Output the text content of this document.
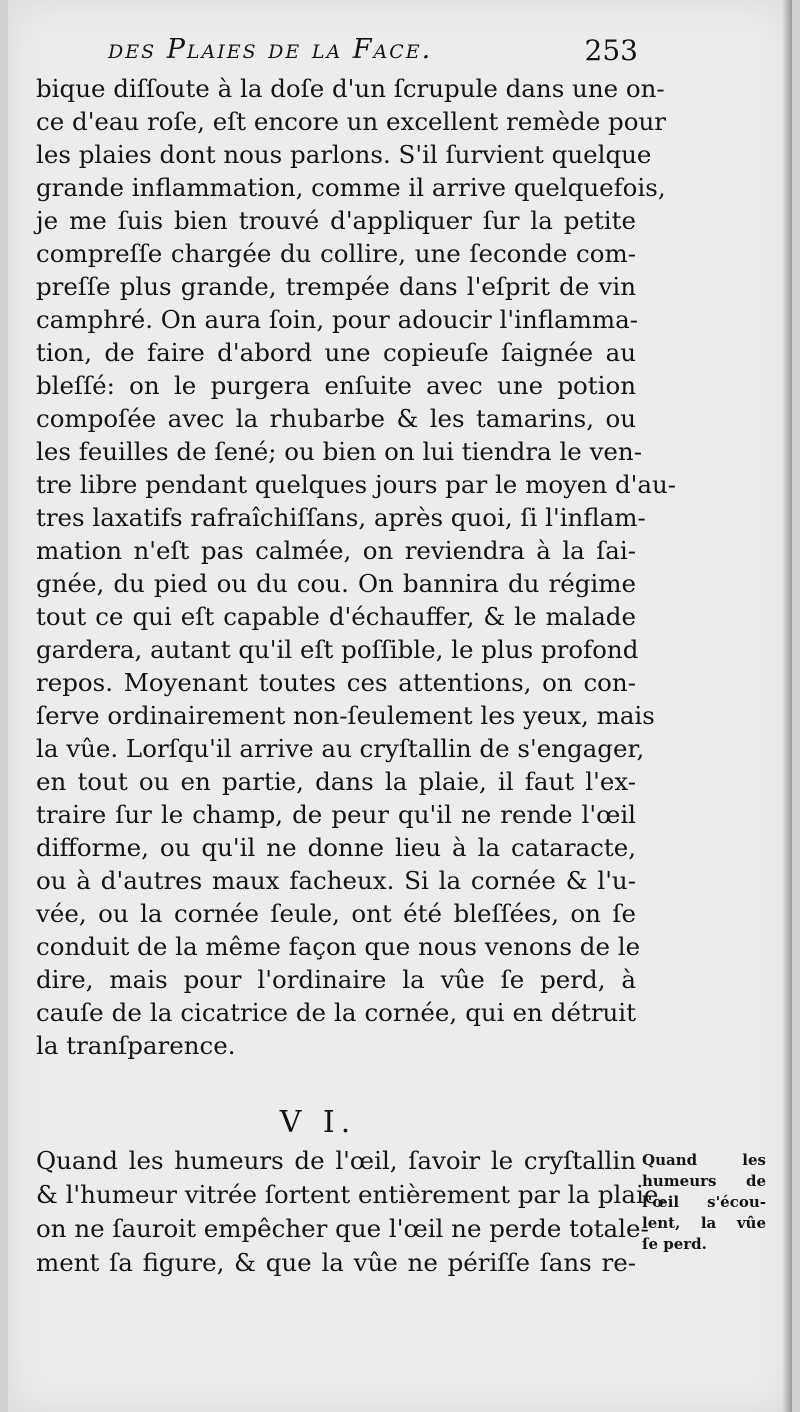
des Plaies de la Face.	253
bique diſſoute à la doſe d'un ſcrupule dans une on-
ce d'eau roſe, eſt encore un excellent remède pour
les plaies dont nous parlons. S'il ſurvient quelque
grande inflammation, comme il arrive quelquefois,
je me ſuis bien trouvé d'appliquer ſur la petite
compreſſe chargée du collire, une ſeconde com-
preſſe plus grande, trempée dans l'eſprit de vin
camphré. On aura ſoin, pour adoucir l'inflamma-
tion, de faire d'abord une copieuſe ſaignée au
bleſſé: on le purgera enſuite avec une potion
compoſée avec la rhubarbe & les tamarins, ou
les feuilles de ſené; ou bien on lui tiendra le ven-
tre libre pendant quelques jours par le moyen d'au-
tres laxatifs rafraîchiſſans, après quoi, ſi l'inflam-
mation n'eſt pas calmée, on reviendra à la ſai-
gnée, du pied ou du cou. On bannira du régime
tout ce qui eſt capable d'échauffer, & le malade
gardera, autant qu'il eſt poſſible, le plus profond
repos. Moyenant toutes ces attentions, on con-
ſerve ordinairement non-ſeulement les yeux, mais
la vûe. Lorſqu'il arrive au cryſtallin de s'engager,
en tout ou en partie, dans la plaie, il faut l'ex-
traire ſur le champ, de peur qu'il ne rende l'œil
difforme, ou qu'il ne donne lieu à la cataracte,
ou à d'autres maux facheux. Si la cornée & l'u-
vée, ou la cornée ſeule, ont été bleſſées, on ſe
conduit de la même façon que nous venons de le
dire, mais pour l'ordinaire la vûe ſe perd, à
cauſe de la cicatrice de la cornée, qui en détruit
la tranſparence.
V I.
Quand les humeurs de l'œil, ſavoir le cryſtallin
& l'humeur vitrée ſortent entièrement par la plaie,
on ne ſauroit empêcher que l'œil ne perde totale-
ment ſa figure, & que la vûe ne périſſe ſans re-
Quand les
humeurs de
l'œil s'écou-
lent, la vûe
ſe perd.
